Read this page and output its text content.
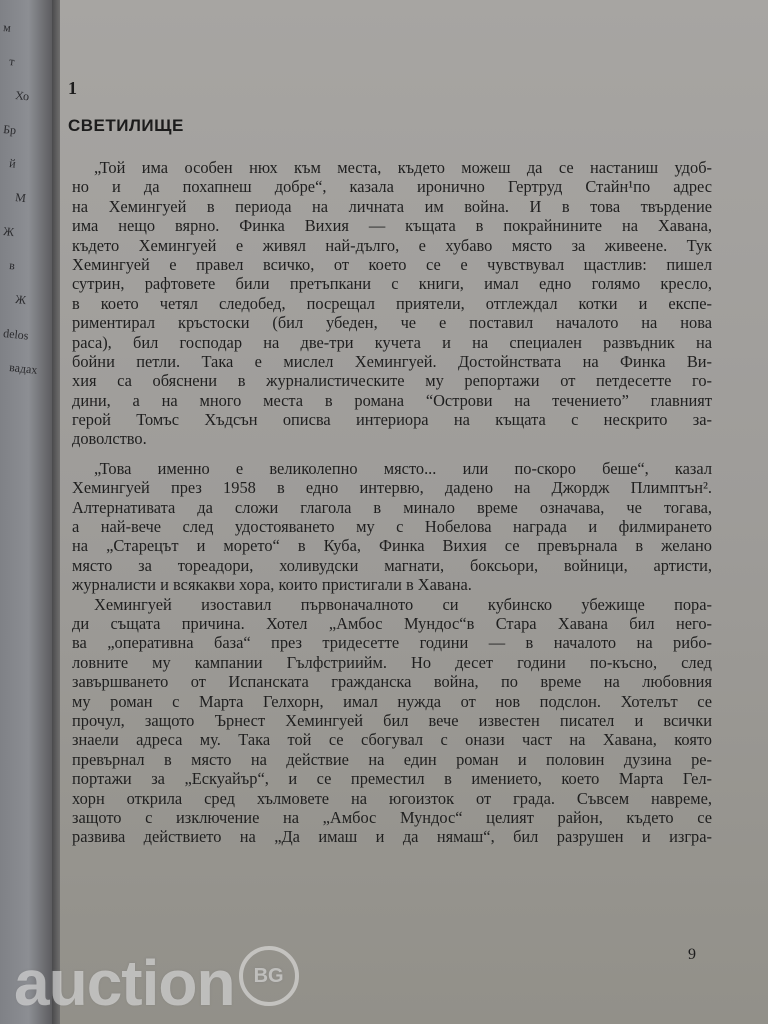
м
т
Хо
Бр
й
М
Ж
в
Ж
delos
вадах
1
СВЕТИЛИЩЕ
„Той има особен нюх към места, където можеш да се настаниш удоб-
но и да похапнеш добре“, казала иронично Гертруд Стайн¹по адрес
на Хемингуей в периода на личната им война. И в това твърдение
има нещо вярно. Финка Вихия — къщата в покрайнините на Хавана,
където Хемингуей е живял най-дълго, е хубаво място за живеене. Тук
Хемингуей е правел всичко, от което се е чувствувал щастлив: пишел
сутрин, рафтовете били претъпкани с книги, имал едно голямо кресло,
в което четял следобед, посрещал приятели, отглеждал котки и експе-
риментирал кръстоски (бил убеден, че е поставил началото на нова
раса), бил господар на две-три кучета и на специален развъдник на
бойни петли. Така е мислел Хемингуей. Достойнствата на Финка Ви-
хия са обяснени в журналистическите му репортажи от петдесетте го-
дини, а на много места в романа “Острови на течението” главният
герой Томъс Хъдсън описва интериора на къщата с нескрито за-
доволство.
„Това именно е великолепно място... или по-скоро беше“, казал
Хемингуей през 1958 в едно интервю, дадено на Джордж Плимптън².
Алтернативата да сложи глагола в минало време означава, че тогава,
а най-вече след удостояването му с Нобелова награда и филмирането
на „Старецът и морето“ в Куба, Финка Вихия се превърнала в желано
място за тореадори, холивудски магнати, боксьори, войници, артисти,
журналисти и всякакви хора, които пристигали в Хавана.
Хемингуей изоставил първоначалното си кубинско убежище пора-
ди същата причина. Хотел „Амбос Мундос“в Стара Хавана бил него-
ва „оперативна база“ през тридесетте години — в началото на рибо-
ловните му кампании Гълфстриийм. Но десет години по-късно, след
завършването от Испанската гражданска война, по време на любовния
му роман с Марта Гелхорн, имал нужда от нов подслон. Хотелът се
прочул, защото Ърнест Хемингуей бил вече известен писател и всички
знаели адреса му. Така той се сбогувал с онази част на Хавана, която
превърнал в място на действие на един роман и половин дузина ре-
портажи за „Ескуайър“, и се преместил в имението, което Марта Гел-
хорн открила сред хълмовете на югоизток от града. Съвсем навреме,
защото с изключение на „Амбос Мундос“ целият район, където се
развива действието на „Да имаш и да нямаш“, бил разрушен и изгра-
9
auction BG
